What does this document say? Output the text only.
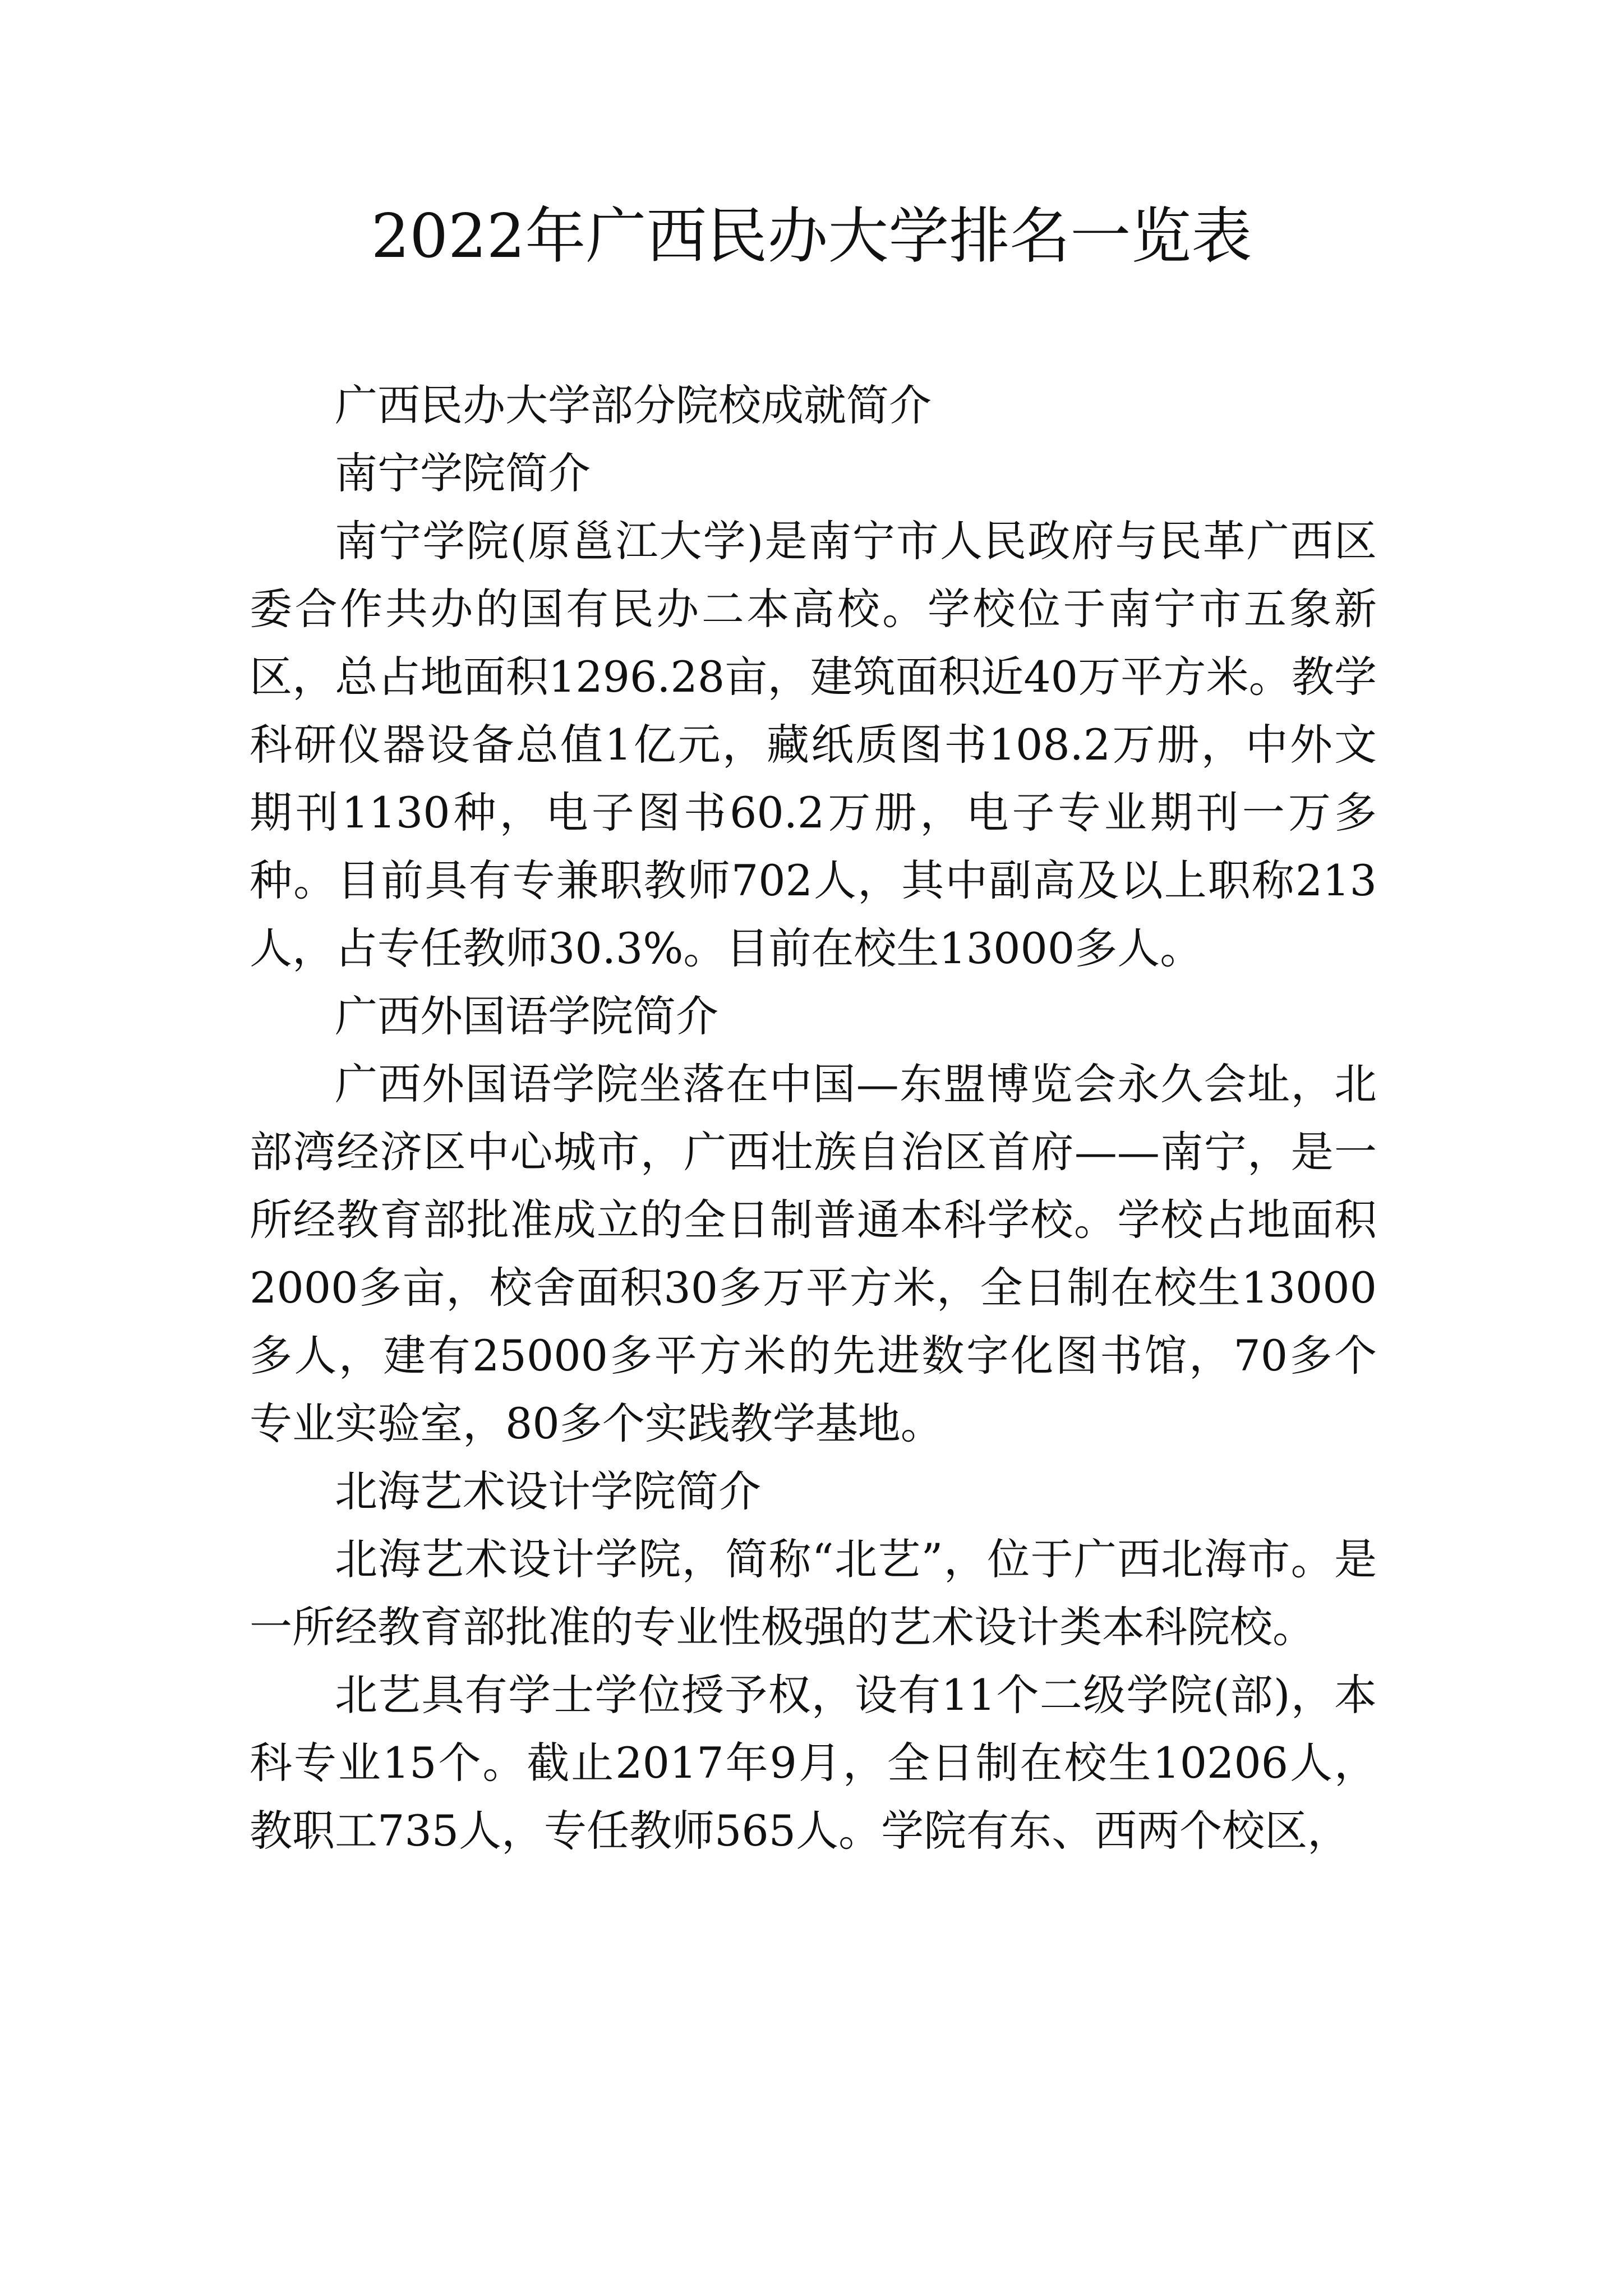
2022年广西民办大学排名一览表

广西民办大学部分院校成就简介

南宁学院简介

南宁学院(原邕江大学)是南宁市人民政府与民革广西区委合作共办的国有民办二本高校。学校位于南宁市五象新区，总占地面积1296.28亩，建筑面积近40万平方米。教学科研仪器设备总值1亿元，藏纸质图书108.2万册，中外文期刊1130种，电子图书60.2万册，电子专业期刊一万多种。目前具有专兼职教师702人，其中副高及以上职称213人，占专任教师30.3%。目前在校生13000多人。

广西外国语学院简介

广西外国语学院坐落在中国—东盟博览会永久会址，北部湾经济区中心城市，广西壮族自治区首府——南宁，是一所经教育部批准成立的全日制普通本科学校。学校占地面积2000多亩，校舍面积30多万平方米，全日制在校生13000多人，建有25000多平方米的先进数字化图书馆，70多个专业实验室，80多个实践教学基地。

北海艺术设计学院简介

北海艺术设计学院，简称“北艺”，位于广西北海市。是一所经教育部批准的专业性极强的艺术设计类本科院校。

北艺具有学士学位授予权，设有11个二级学院(部)，本科专业15个。截止2017年9月，全日制在校生10206人，教职工735人，专任教师565人。学院有东、西两个校区，
